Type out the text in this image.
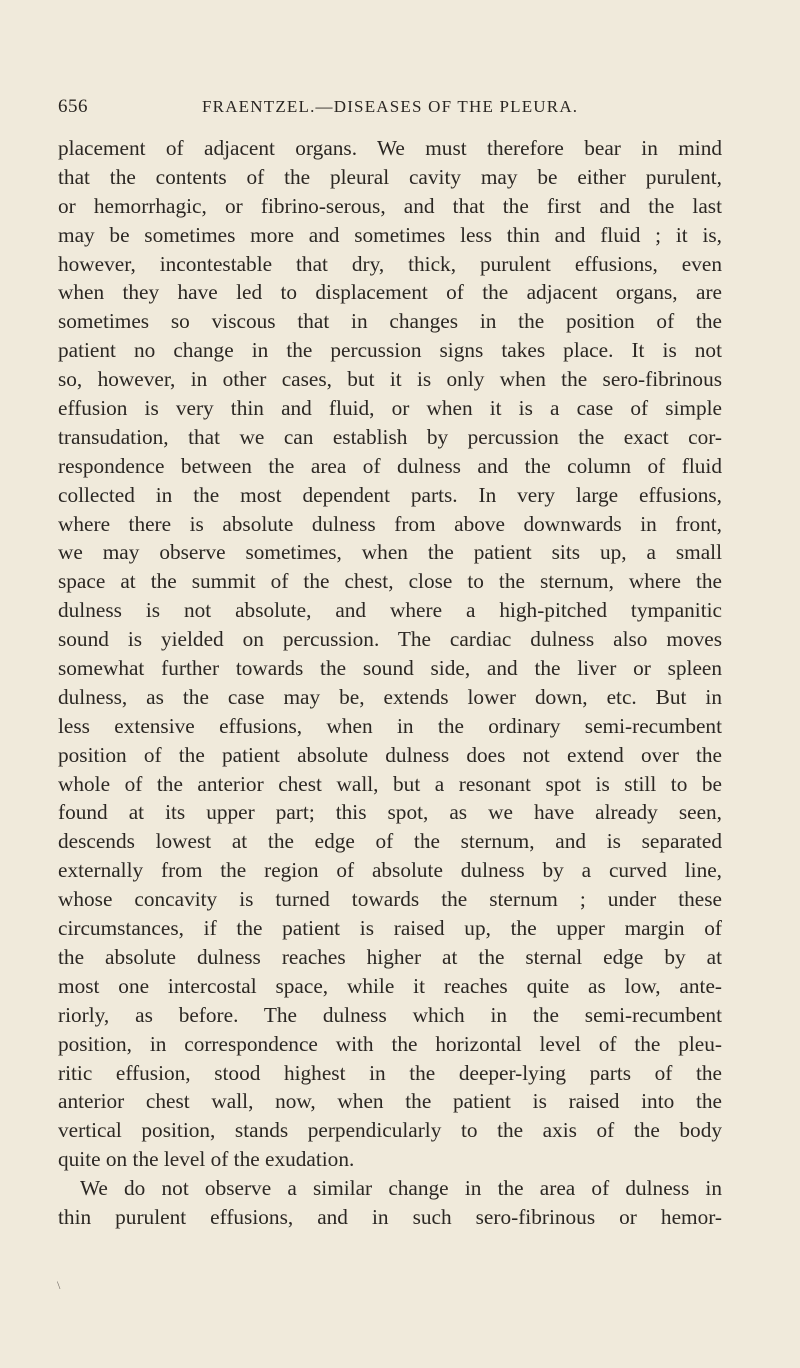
656	FRAENTZEL.—DISEASES OF THE PLEURA.
placement of adjacent organs. We must therefore bear in mind
that the contents of the pleural cavity may be either purulent,
or hemorrhagic, or fibrino-serous, and that the first and the last
may be sometimes more and sometimes less thin and fluid ; it is,
however, incontestable that dry, thick, purulent effusions, even
when they have led to displacement of the adjacent organs, are
sometimes so viscous that in changes in the position of the
patient no change in the percussion signs takes place. It is not
so, however, in other cases, but it is only when the sero-fibrinous
effusion is very thin and fluid, or when it is a case of simple
transudation, that we can establish by percussion the exact cor-
respondence between the area of dulness and the column of fluid
collected in the most dependent parts. In very large effusions,
where there is absolute dulness from above downwards in front,
we may observe sometimes, when the patient sits up, a small
space at the summit of the chest, close to the sternum, where the
dulness is not absolute, and where a high-pitched tympanitic
sound is yielded on percussion. The cardiac dulness also moves
somewhat further towards the sound side, and the liver or spleen
dulness, as the case may be, extends lower down, etc. But in
less extensive effusions, when in the ordinary semi-recumbent
position of the patient absolute dulness does not extend over the
whole of the anterior chest wall, but a resonant spot is still to be
found at its upper part; this spot, as we have already seen,
descends lowest at the edge of the sternum, and is separated
externally from the region of absolute dulness by a curved line,
whose concavity is turned towards the sternum ; under these
circumstances, if the patient is raised up, the upper margin of
the absolute dulness reaches higher at the sternal edge by at
most one intercostal space, while it reaches quite as low, ante-
riorly, as before. The dulness which in the semi-recumbent
position, in correspondence with the horizontal level of the pleu-
ritic effusion, stood highest in the deeper-lying parts of the
anterior chest wall, now, when the patient is raised into the
vertical position, stands perpendicularly to the axis of the body
quite on the level of the exudation.
We do not observe a similar change in the area of dulness in
thin purulent effusions, and in such sero-fibrinous or hemor-
\
